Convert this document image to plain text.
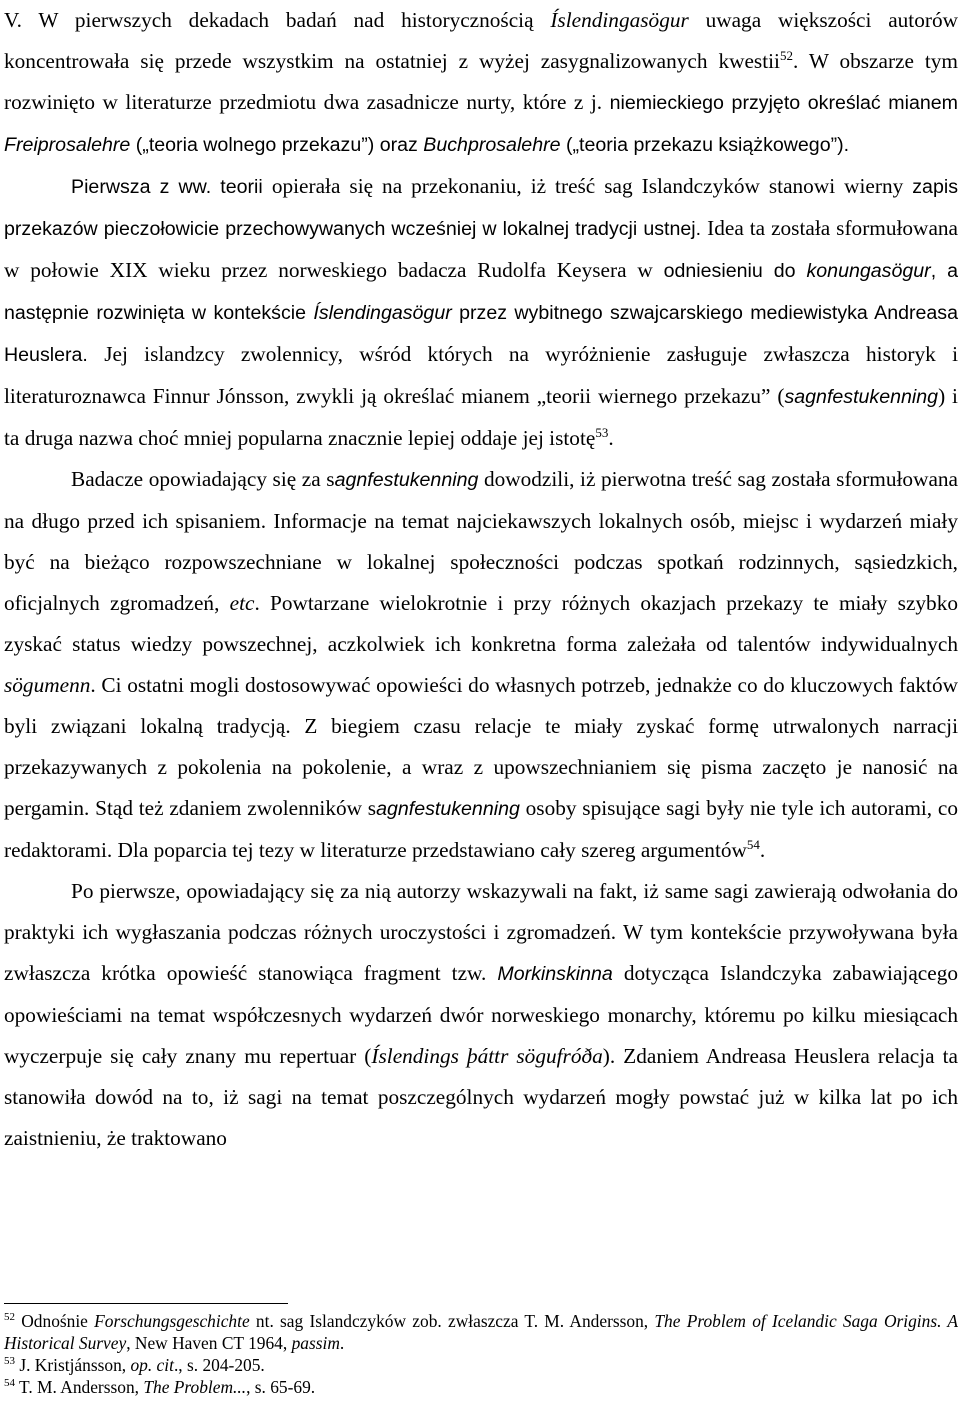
V. W pierwszych dekadach badań nad historycznością Íslendingasögur uwaga większości autorów koncentrowała się przede wszystkim na ostatniej z wyżej zasygnalizowanych kwestii$^{52}$. W obszarze tym rozwinięto w literaturze przedmiotu dwa zasadnicze nurty, które z j. niemieckiego przyjęto określać mianem Freiprosalehre („teoria wolnego przekazu”) oraz Buchprosalehre („teoria przekazu książkowego”).

Pierwsza z ww. teorii opierała się na przekonaniu, iż treść sag Islandczyków stanowi wierny zapis przekazów pieczołowicie przechowywanych wcześniej w lokalnej tradycji ustnej. Idea ta została sformułowana w połowie XIX wieku przez norweskiego badacza Rudolfa Keysera w odniesieniu do konungasögur, a następnie rozwinięta w kontekście Íslendingasögur przez wybitnego szwajcarskiego mediewistyka Andreasa Heuslera. Jej islandzcy zwolennicy, wśród których na wyróżnienie zasługuje zwłaszcza historyk i literaturoznawca Finnur Jónsson, zwykli ją określać mianem „teorii wiernego przekazu” (sagnfestukenning) i ta druga nazwa choć mniej popularna znacznie lepiej oddaje jej istotę$^{53}$.

Badacze opowiadający się za sagnfestukenning dowodzili, iż pierwotna treść sag została sformułowana na długo przed ich spisaniem. Informacje na temat najciekawszych lokalnych osób, miejsc i wydarzeń miały być na bieżąco rozpowszechniane w lokalnej społeczności podczas spotkań rodzinnych, sąsiedzkich, oficjalnych zgromadzeń, etc. Powtarzane wielokrotnie i przy różnych okazjach przekazy te miały szybko zyskać status wiedzy powszechnej, aczkolwiek ich konkretna forma zależała od talentów indywidualnych sögumenn. Ci ostatni mogli dostosowywać opowieści do własnych potrzeb, jednakże co do kluczowych faktów byli związani lokalną tradycją. Z biegiem czasu relacje te miały zyskać formę utrwalonych narracji przekazywanych z pokolenia na pokolenie, a wraz z upowszechnianiem się pisma zaczęto je nanosić na pergamin. Stąd też zdaniem zwolenników sagnfestukenning osoby spisujące sagi były nie tyle ich autorami, co redaktorami. Dla poparcia tej tezy w literaturze przedstawiano cały szereg argumentów$^{54}$.

Po pierwsze, opowiadający się za nią autorzy wskazywali na fakt, iż same sagi zawierają odwołania do praktyki ich wygłaszania podczas różnych uroczystości i zgromadzeń. W tym kontekście przywoływana była zwłaszcza krótka opowieść stanowiąca fragment tzw. Morkinskinna dotycząca Islandczyka zabawiającego opowieściami na temat współczesnych wydarzeń dwór norweskiego monarchy, któremu po kilku miesiącach wyczerpuje się cały znany mu repertuar (Íslendings þáttr sögufróða). Zdaniem Andreasa Heuslera relacja ta stanowiła dowód na to, iż sagi na temat poszczególnych wydarzeń mogły powstać już w kilka lat po ich zaistnieniu, że traktowano

$^{52}$ Odnośnie Forschungsgeschichte nt. sag Islandczyków zob. zwłaszcza T. M. Andersson, The Problem of Icelandic Saga Origins. A Historical Survey, New Haven CT 1964, passim.

$^{53}$ J. Kristjánsson, op. cit., s. 204-205.

$^{54}$ T. M. Andersson, The Problem..., s. 65-69.
